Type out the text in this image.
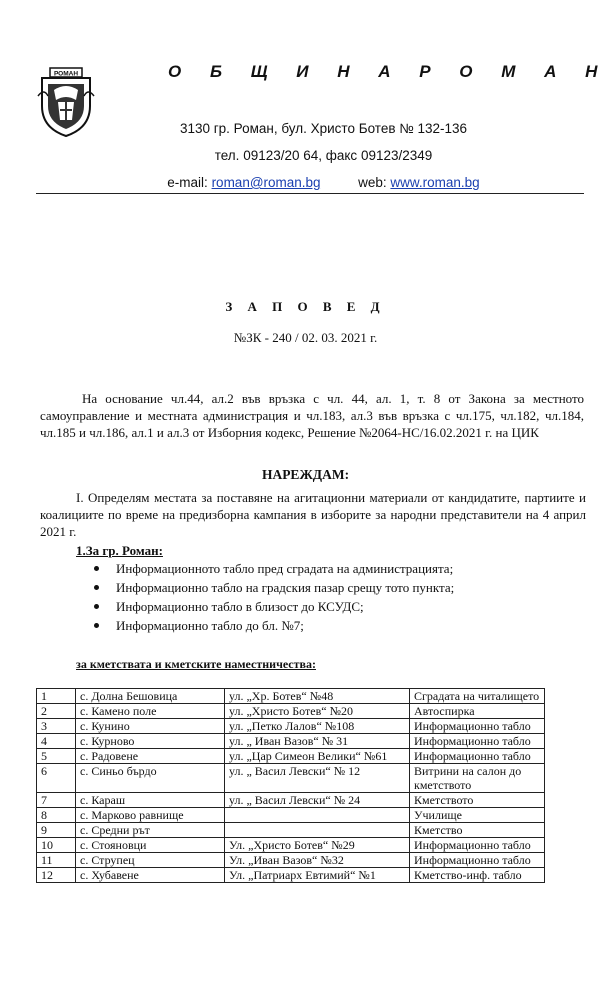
РОМАН	О Б Щ И Н А Р О М А Н
3130 гр. Роман, бул. Христо Ботев № 132-136
тел. 09123/20 64, факс 09123/2349
e-mail: roman@roman.bg	web: www.roman.bg
З А П О В Е Д
№ЗК - 240 / 02. 03. 2021 г.
На основание чл.44, ал.2 във връзка с чл. 44, ал. 1, т. 8 от Закона за местното самоуправление и местната администрация и чл.183, ал.3 във връзка с чл.175, чл.182, чл.184, чл.185 и чл.186, ал.1 и ал.3 от Изборния кодекс, Решение №2064-НС/16.02.2021 г. на ЦИК
НАРЕЖДАМ:
I. Определям местата за поставяне на агитационни материали от кандидатите, партиите и коалициите по време на предизборна кампания в изборите за народни представители на 4 април 2021 г.
1.За гр. Роман:
Информационното табло пред сградата на администрацията;
Информационно табло на градския пазар срещу тото пункта;
Информационно табло в близост до КСУДС;
Информационно табло до бл. №7;
за кметствата и кметските наместничества:
1	с. Долна Бешовица	ул. „Хр. Ботев“ №48	Сградата на читалището
2	с. Камено поле	ул. „Христо Ботев“ №20	Автоспирка
3	с. Кунино	ул. „Петко Лалов“ №108	Информационно табло
4	с. Курново	ул. „ Иван Вазов“ № 31	Информационно табло
5	с. Радовене	ул. „Цар Симеон Велики“ №61	Информационно табло
6	с. Синьо бърдо	ул. „ Васил Левски“ № 12	Витрини на салон до кметството
7	с. Караш	ул. „ Васил Левски“ № 24	Кметството
8	с. Марково равнище		Училище
9	с. Средни рът		Кметство
10	с. Стояновци	Ул. „Христо Ботев“ №29	Информационно табло
11	с. Струпец	Ул. „Иван Вазов“ №32	Информационно табло
12	с. Хубавене	Ул. „Патриарх Евтимий“ №1	Кметство-инф. табло
